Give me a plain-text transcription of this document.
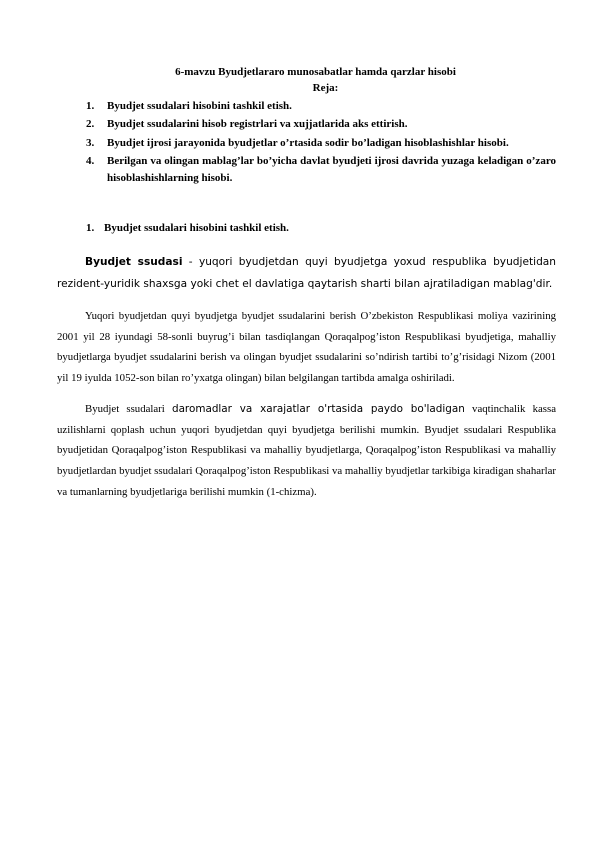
6-mavzu Byudjetlararo munosabatlar hamda qarzlar hisobi
Reja:
1. Byudjet ssudalari hisobini tashkil etish.
2. Byudjet ssudalarini hisob registrlari va xujjatlarida aks ettirish.
3. Byudjet ijrosi jarayonida byudjetlar o’rtasida sodir bo’ladigan hisoblashishlar hisobi.
4. Berilgan va olingan mablag’lar bo’yicha davlat byudjeti ijrosi davrida yuzaga keladigan o’zaro hisoblashishlarning hisobi.
1. Byudjet ssudalari hisobini tashkil etish.

Byudjet ssudasi - yuqori byudjetdan quyi byudjetga yoxud respublika byudjetidan rezident-yuridik shaxsga yoki chet el davlatiga qaytarish sharti bilan ajratiladigan mablag'dir.

Yuqori byudjetdan quyi byudjetga byudjet ssudalarini berish O’zbekiston Respublikasi moliya vazirining 2001 yil 28 iyundagi 58-sonli buyrug’i bilan tasdiqlangan Qoraqalpog’iston Respublikasi byudjetiga, mahalliy byudjetlarga byudjet ssudalarini berish va olingan byudjet ssudalarini so’ndirish tartibi to’g’risidagi Nizom (2001 yil 19 iyulda 1052-son bilan ro’yxatga olingan) bilan belgilangan tartibda amalga oshiriladi.

Byudjet ssudalari daromadlar va xarajatlar o'rtasida paydo bo'ladigan vaqtinchalik kassa uzilishlarni qoplash uchun yuqori byudjetdan quyi byudjetga berilishi mumkin. Byudjet ssudalari Respublika byudjetidan Qoraqalpog’iston Respublikasi va mahalliy byudjetlarga, Qoraqalpog’iston Respublikasi va mahalliy byudjetlardan byudjet ssudalari Qoraqalpog’iston Respublikasi va mahalliy byudjetlar tarkibiga kiradigan shaharlar va tumanlarning byudjetlariga berilishi mumkin (1-chizma).
